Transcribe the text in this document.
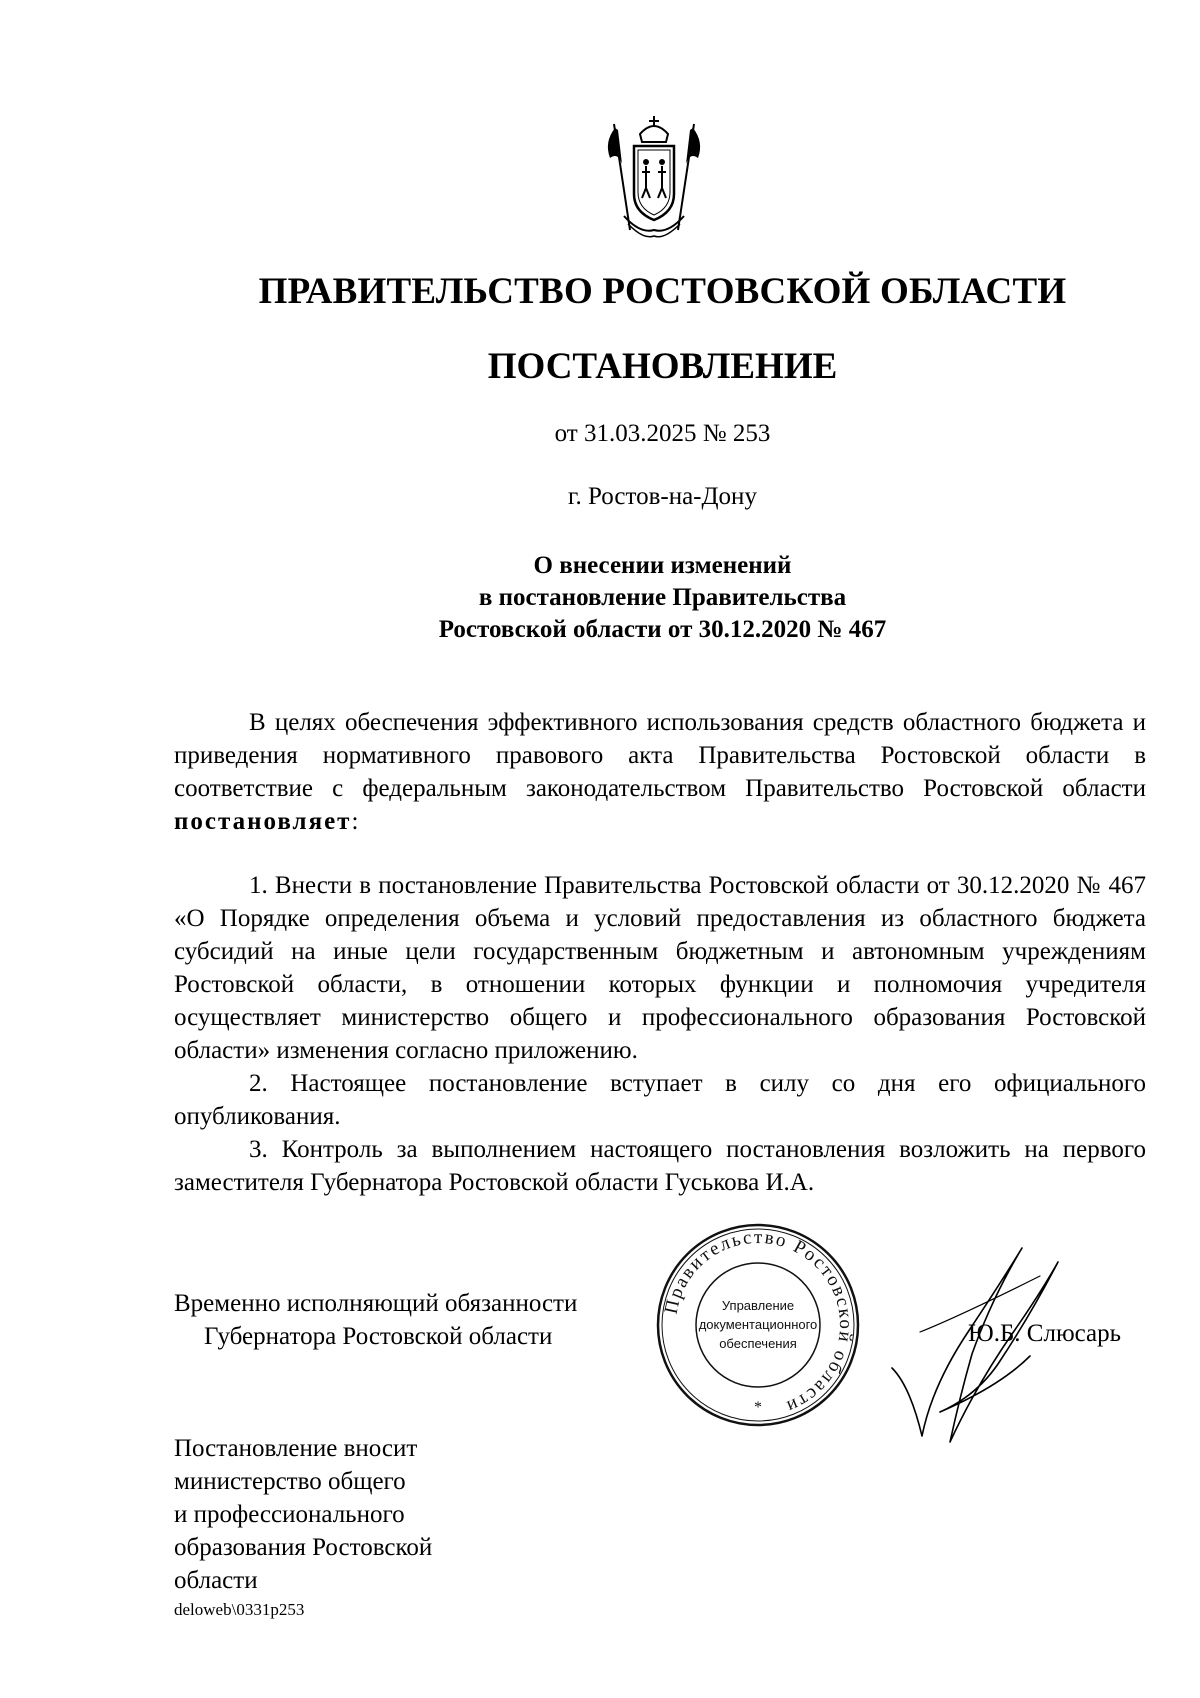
ПРАВИТЕЛЬСТВО РОСТОВСКОЙ ОБЛАСТИ
ПОСТАНОВЛЕНИЕ
от 31.03.2025 № 253
г. Ростов-на-Дону
О внесении изменений
в постановление Правительства
Ростовской области от 30.12.2020 № 467

В целях обеспечения эффективного использования средств областного бюджета и приведения нормативного правового акта Правительства Ростовской области в соответствие с федеральным законодательством Правительство Ростовской области постановляет:

1. Внести в постановление Правительства Ростовской области от 30.12.2020 № 467 «О Порядке определения объема и условий предоставления из областного бюджета субсидий на иные цели государственным бюджетным и автономным учреждениям Ростовской области, в отношении которых функции и полномочия учредителя осуществляет министерство общего и профессионального образования Ростовской области» изменения согласно приложению.

2. Настоящее постановление вступает в силу со дня его официального опубликования.

3. Контроль за выполнением настоящего постановления возложить на первого заместителя Губернатора Ростовской области Гуськова И.А.

Временно исполняющий обязанности
Губернатора Ростовской области
Правительство Ростовской области
Управление
документационного
обеспечения
*
Ю.Б. Слюсарь
Постановление вносит
министерство общего
и профессионального
образования Ростовской
области
deloweb\0331p253
